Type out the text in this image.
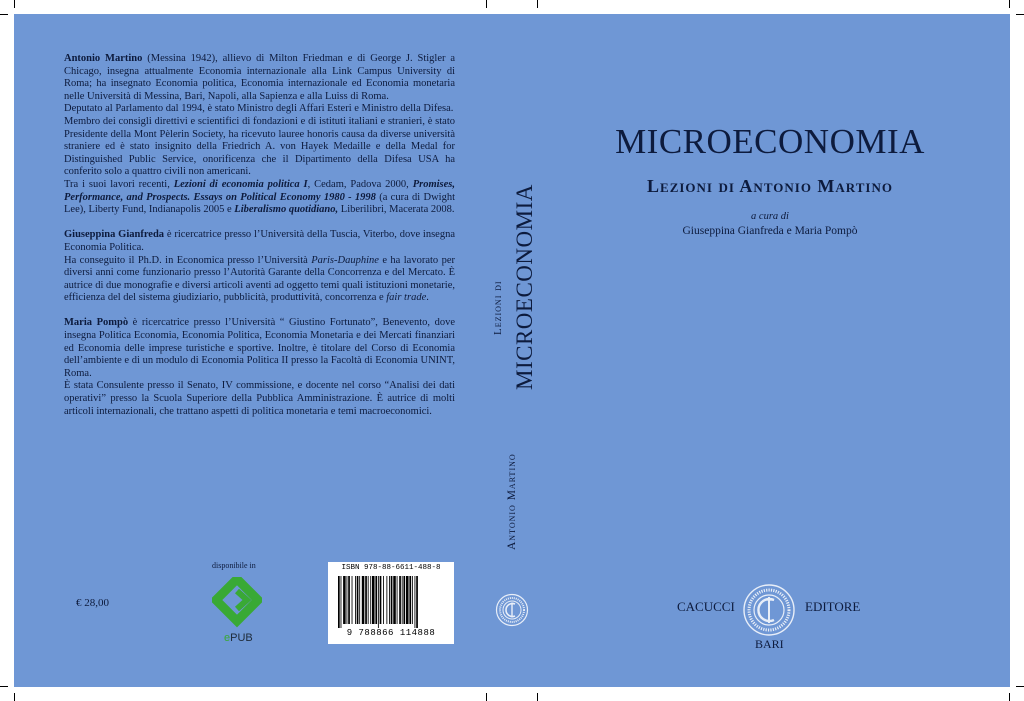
Antonio Martino (Messina 1942), allievo di Milton Friedman e di George J. Stigler a Chicago, insegna attualmente Economia internazionale alla Link Campus University di Roma; ha insegnato Economia politica, Economia internazionale ed Economia monetaria nelle Università di Messina, Bari, Napoli, alla Sapienza e alla Luiss di Roma.

Deputato al Parlamento dal 1994, è stato Ministro degli Affari Esteri e Ministro della Difesa.

Membro dei consigli direttivi e scientifici di fondazioni e di istituti italiani e stranieri, è stato Presidente della Mont Pèlerin Society, ha ricevuto lauree honoris causa da diverse università straniere ed è stato insignito della Friedrich A. von Hayek Medaille e della Medal for Distinguished Public Service, onorificenza che il Dipartimento della Difesa USA ha conferito solo a quattro civili non americani.

Tra i suoi lavori recenti, Lezioni di economia politica I, Cedam, Padova 2000, Promises, Performance, and Prospects. Essays on Political Economy 1980 - 1998 (a cura di Dwight Lee), Liberty Fund, Indianapolis 2005 e Liberalismo quotidiano, Liberilibri, Macerata 2008.

Giuseppina Gianfreda è ricercatrice presso l’Università della Tuscia, Viterbo, dove insegna Economia Politica.

Ha conseguito il Ph.D. in Economica presso l’Università Paris-Dauphine e ha lavorato per diversi anni come funzionario presso l’Autorità Garante della Concorrenza e del Mercato. È autrice di due monografie e diversi articoli aventi ad oggetto temi quali istituzioni monetarie, efficienza del del sistema giudiziario, pubblicità, produttività, concorrenza e fair trade.

Maria Pompò è ricercatrice presso l’Università “ Giustino Fortunato”, Benevento, dove insegna Politica Economia, Economia Politica, Economia Monetaria e dei Mercati finanziari ed Economia delle imprese turistiche e sportive. Inoltre, è titolare del Corso di Economia dell’ambiente e di un modulo di Economia Politica II presso la Facoltà di Economia UNINT, Roma.

È stata Consulente presso il Senato, IV commissione, e docente nel corso “Analisi dei dati operativi” presso la Scuola Superiore della Pubblica Amministrazione. È autrice di molti articoli internazionali, che trattano aspetti di politica monetaria e temi macroeconomici.

€ 28,00
disponibile in
ePUB
ISBN 978-88-6611-488-8
9 788866 114888
MICROECONOMIA
Lezioni di
Antonio Martino
MICROECONOMIA
Lezioni di Antonio Martino
a cura di
Giuseppina Gianfreda e Maria Pompò
CACUCCI	EDITORE
BARI
